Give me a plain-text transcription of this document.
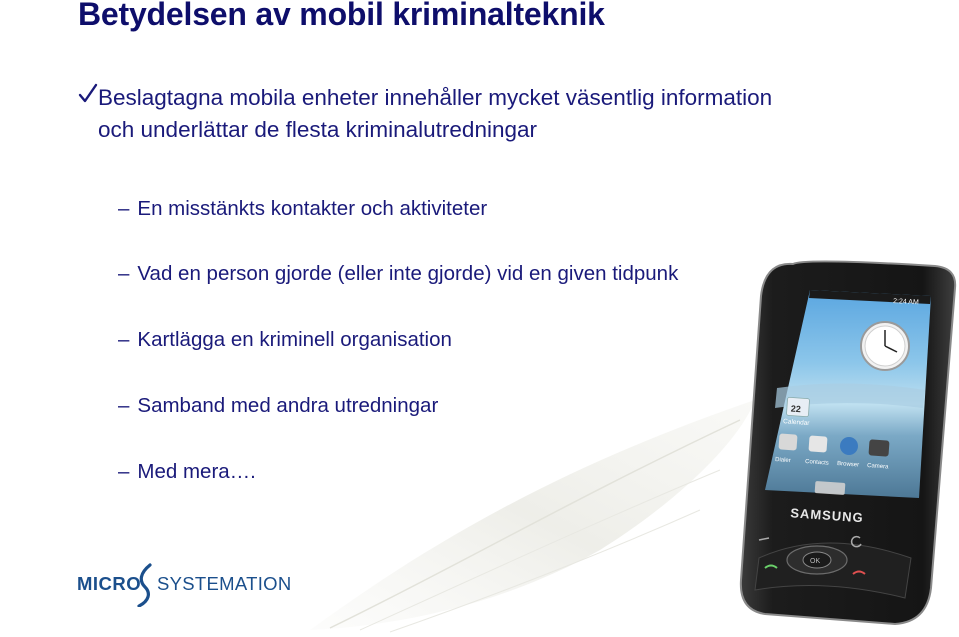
Betydelsen av mobil kriminalteknik
Beslagtagna mobila enheter innehåller mycket väsentlig information
och underlättar de flesta kriminalutredningar
– En misstänkts kontakter och aktiviteter
– Vad en person gjorde (eller inte gjorde) vid en given tidpunk
– Kartlägga en kriminell organisation
– Samband med andra utredningar
– Med mera….
MICRO SYSTEMATION
2:24 AM
22
Calendar
Dialer Contacts Browser Camera
SAMSUNG
OK
